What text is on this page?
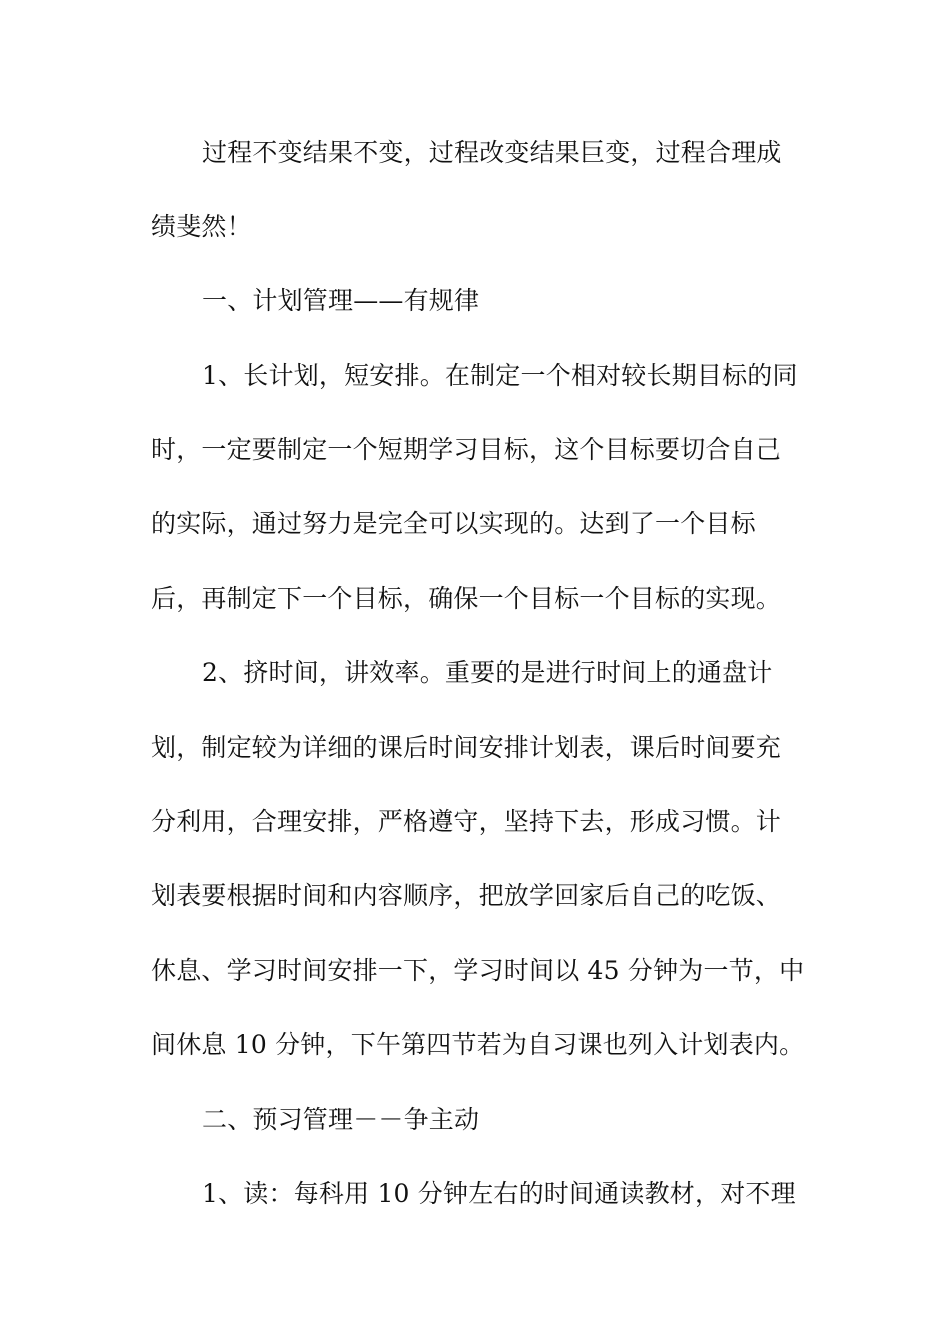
过程不变结果不变，过程改变结果巨变，过程合理成
绩斐然！
一、计划管理——有规律
1、长计划，短安排。在制定一个相对较长期目标的同
时，一定要制定一个短期学习目标，这个目标要切合自己
的实际，通过努力是完全可以实现的。达到了一个目标
后，再制定下一个目标，确保一个目标一个目标的实现。
2、挤时间，讲效率。重要的是进行时间上的通盘计
划，制定较为详细的课后时间安排计划表，课后时间要充
分利用，合理安排，严格遵守，坚持下去，形成习惯。计
划表要根据时间和内容顺序，把放学回家后自己的吃饭、
休息、学习时间安排一下，学习时间以 45 分钟为一节，中
间休息 10 分钟，下午第四节若为自习课也列入计划表内。
二、预习管理－－争主动
1、读：每科用 10 分钟左右的时间通读教材，对不理
